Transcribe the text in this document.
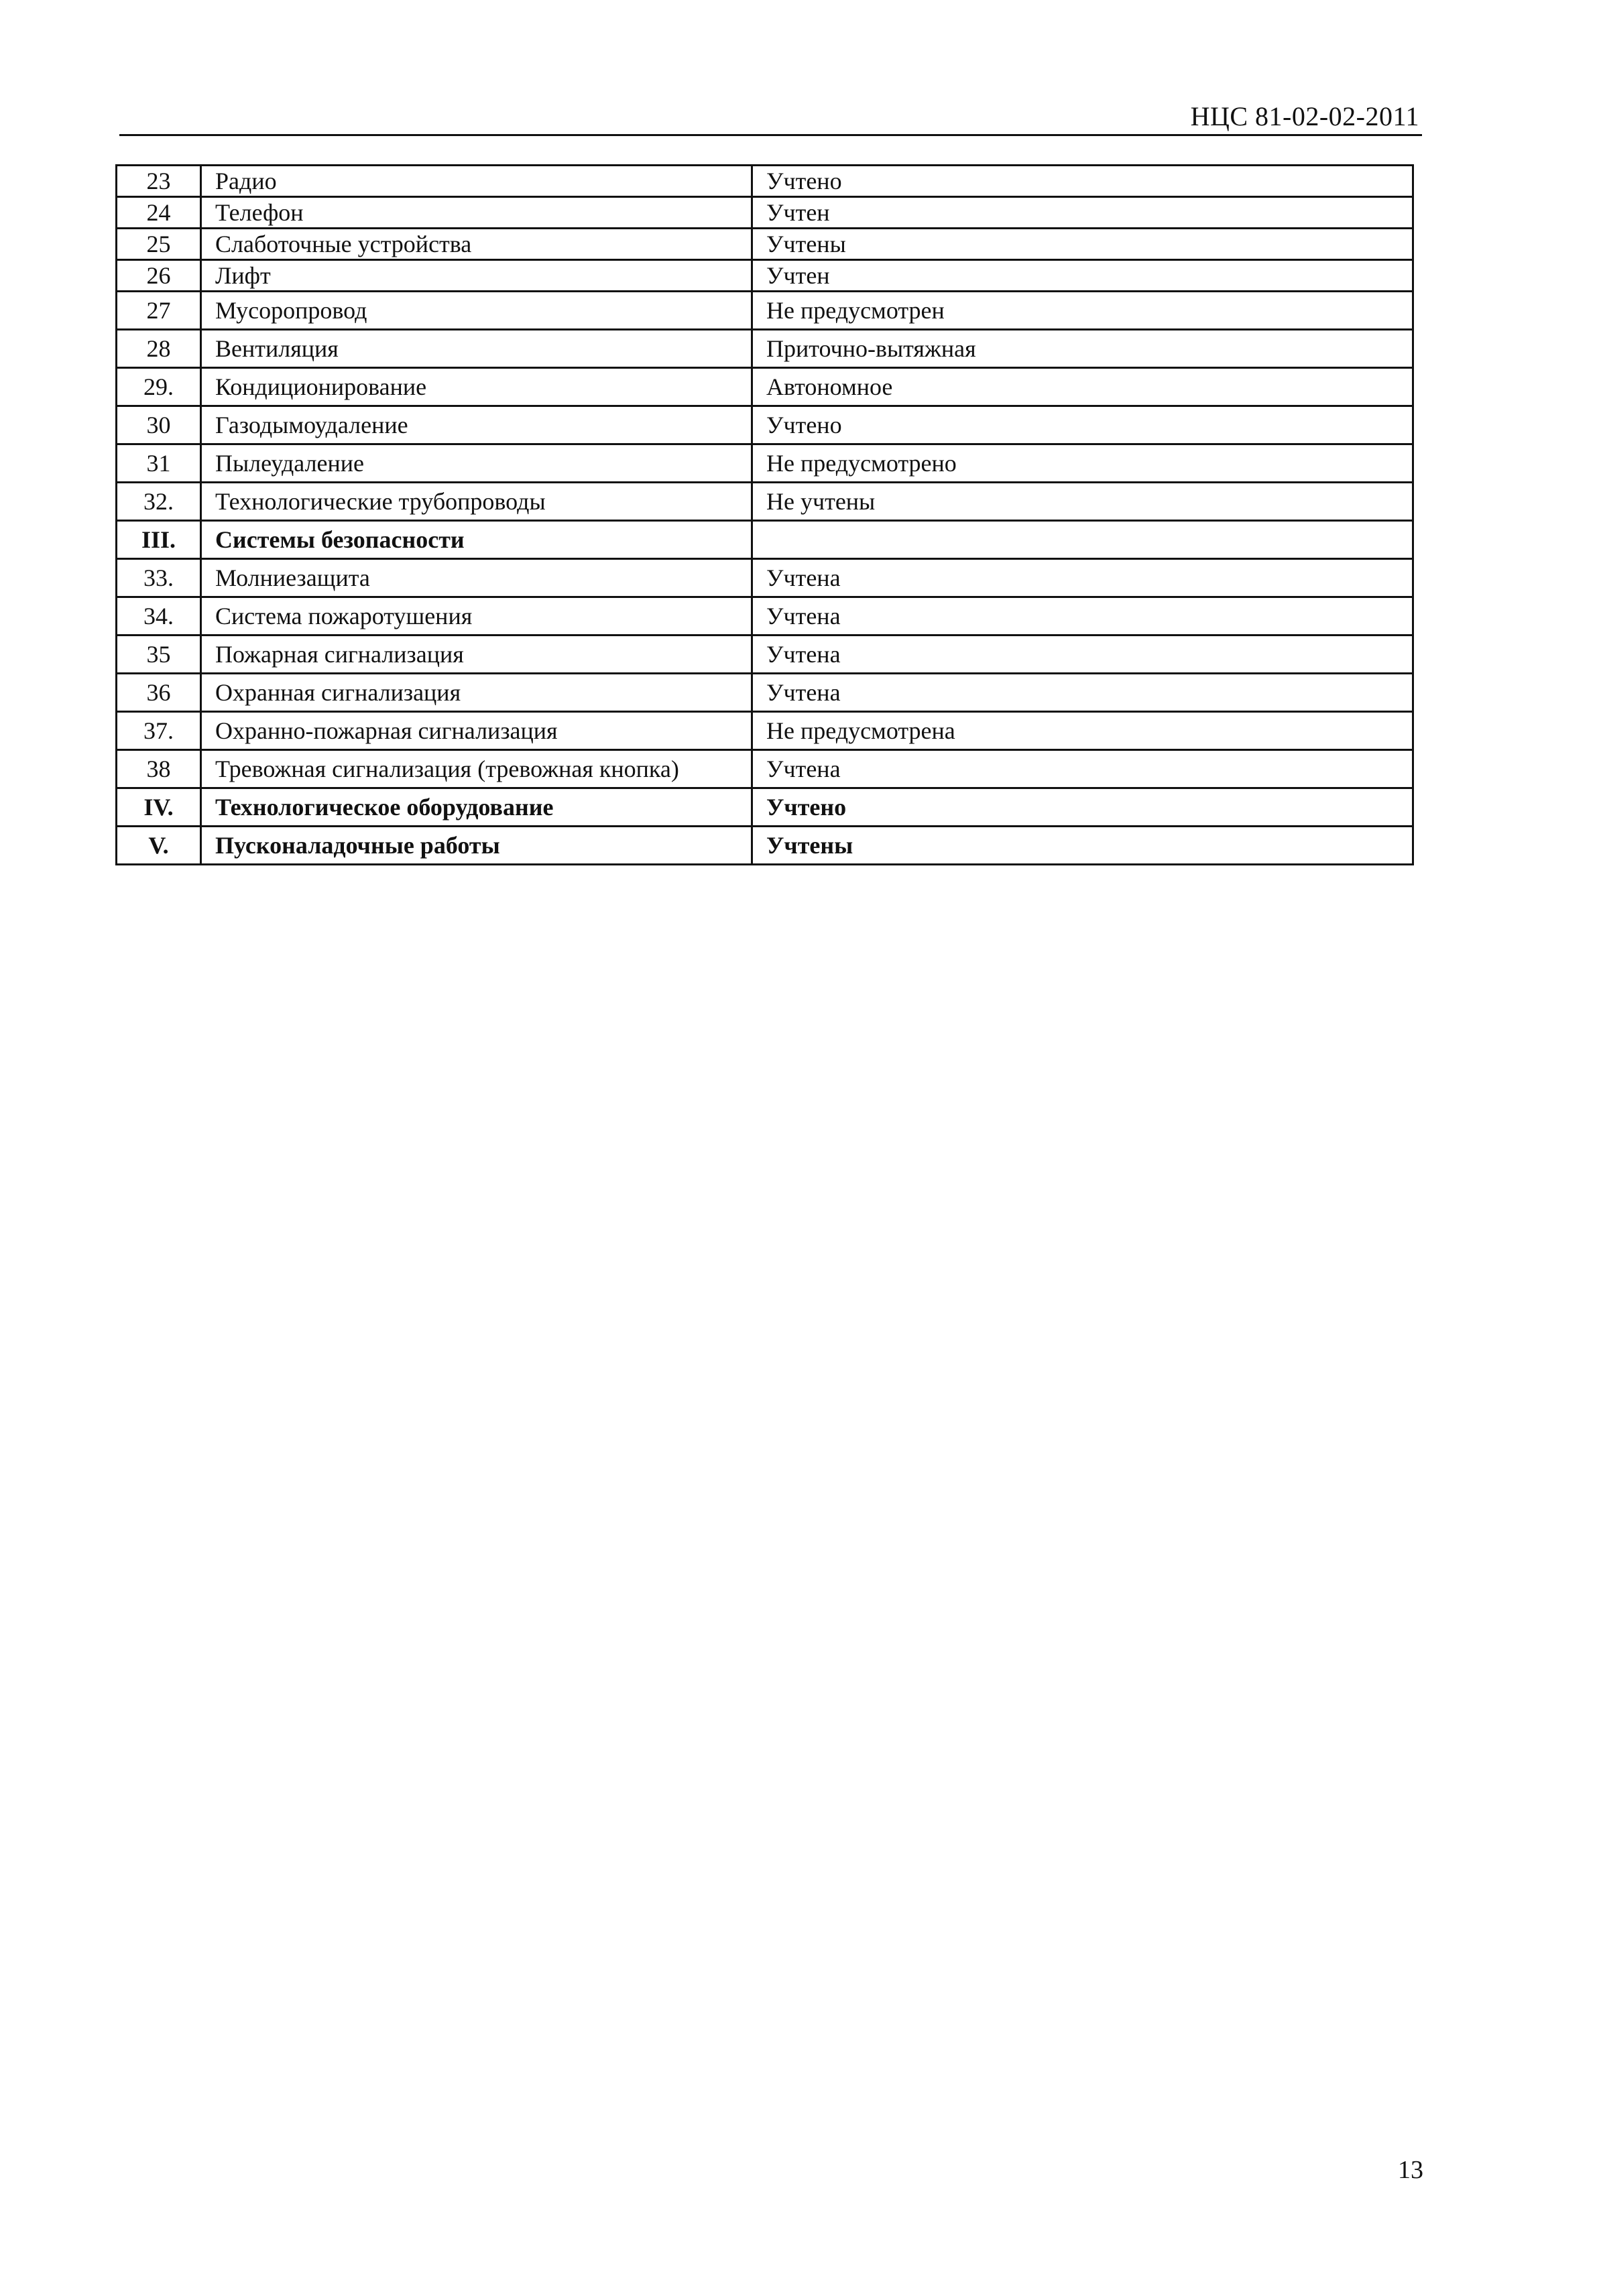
НЦС 81-02-02-2011
23	Радио	Учтено
24	Телефон	Учтен
25	Слаботочные устройства	Учтены
26	Лифт	Учтен
27	Мусоропровод	Не предусмотрен
28	Вентиляция	Приточно-вытяжная
29.	Кондиционирование	Автономное
30	Газодымоудаление	Учтено
31	Пылеудаление	Не предусмотрено
32.	Технологические трубопроводы	Не учтены
III.	Системы безопасности	
33.	Молниезащита	Учтена
34.	Система пожаротушения	Учтена
35	Пожарная сигнализация	Учтена
36	Охранная сигнализация	Учтена
37.	Охранно-пожарная сигнализация	Не предусмотрена
38	Тревожная сигнализация (тревожная кнопка)	Учтена
IV.	Технологическое оборудование	Учтено
V.	Пусконаладочные работы	Учтены
13
